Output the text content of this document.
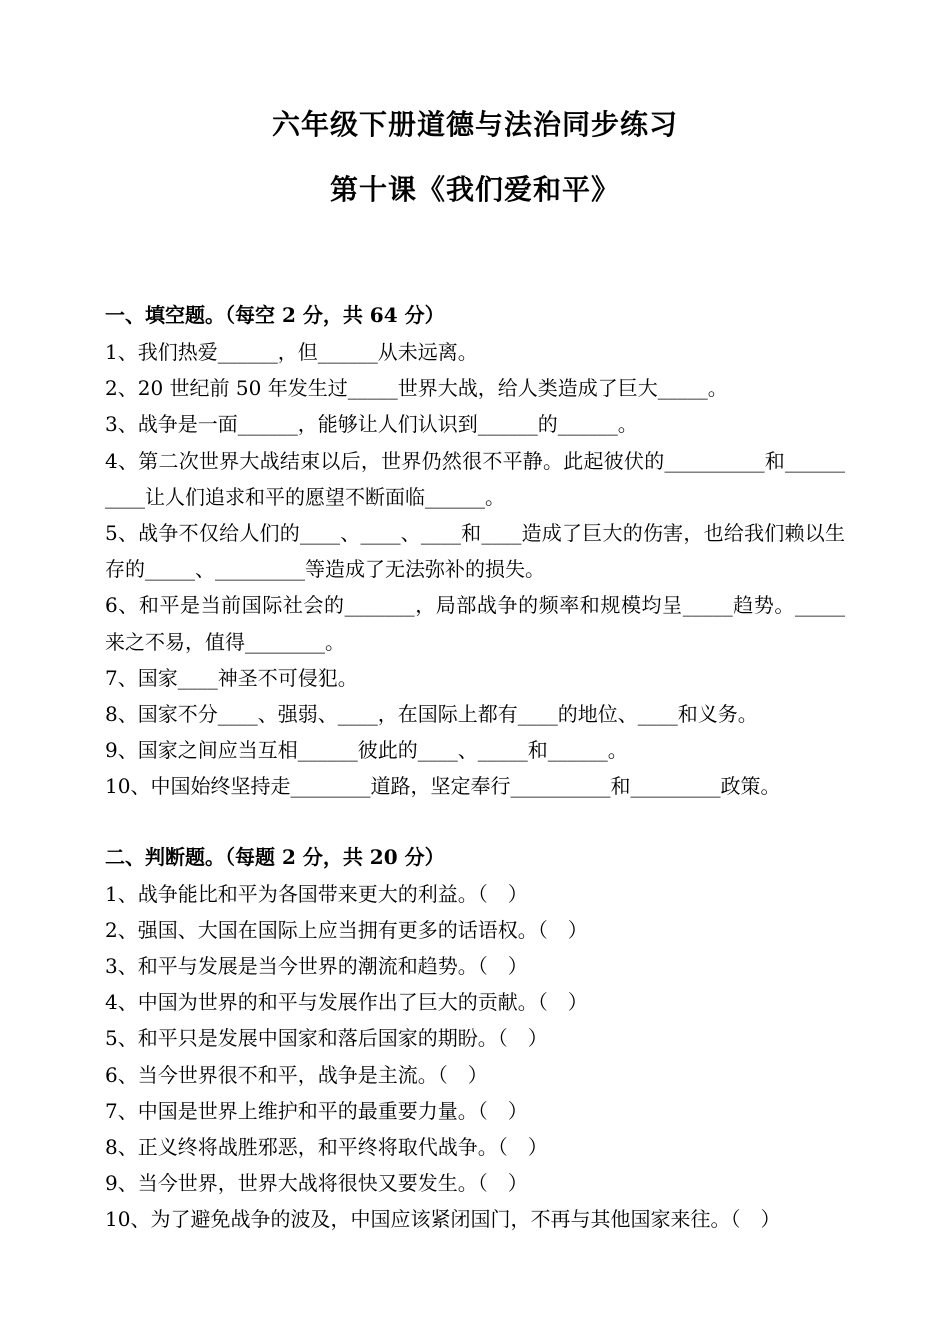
六年级下册道德与法治同步练习
第十课《我们爱和平》

一、填空题。（每空 2 分，共 64 分）

1、我们热爱______，但______从未远离。

2、20 世纪前 50 年发生过_____世界大战，给人类造成了巨大_____。

3、战争是一面______，能够让人们认识到______的______。

4、第二次世界大战结束以后，世界仍然很不平静。此起彼伏的__________和__________让人们追求和平的愿望不断面临______。

5、战争不仅给人们的____、____、____和____造成了巨大的伤害，也给我们赖以生存的_____、_________等造成了无法弥补的损失。

6、和平是当前国际社会的_______，局部战争的频率和规模均呈_____趋势。_____来之不易，值得________。

7、国家____神圣不可侵犯。

8、国家不分____、强弱、____，在国际上都有____的地位、____和义务。

9、国家之间应当互相______彼此的____、_____和______。

10、中国始终坚持走________道路，坚定奉行__________和_________政策。

二、判断题。（每题 2 分，共 20 分）

1、战争能比和平为各国带来更大的利益。（　）

2、强国、大国在国际上应当拥有更多的话语权。（　）

3、和平与发展是当今世界的潮流和趋势。（　）

4、中国为世界的和平与发展作出了巨大的贡献。（　）

5、和平只是发展中国家和落后国家的期盼。（　）

6、当今世界很不和平，战争是主流。（　）

7、中国是世界上维护和平的最重要力量。（　）

8、正义终将战胜邪恶，和平终将取代战争。（　）

9、当今世界，世界大战将很快又要发生。（　）

10、为了避免战争的波及，中国应该紧闭国门，不再与其他国家来往。（　）
